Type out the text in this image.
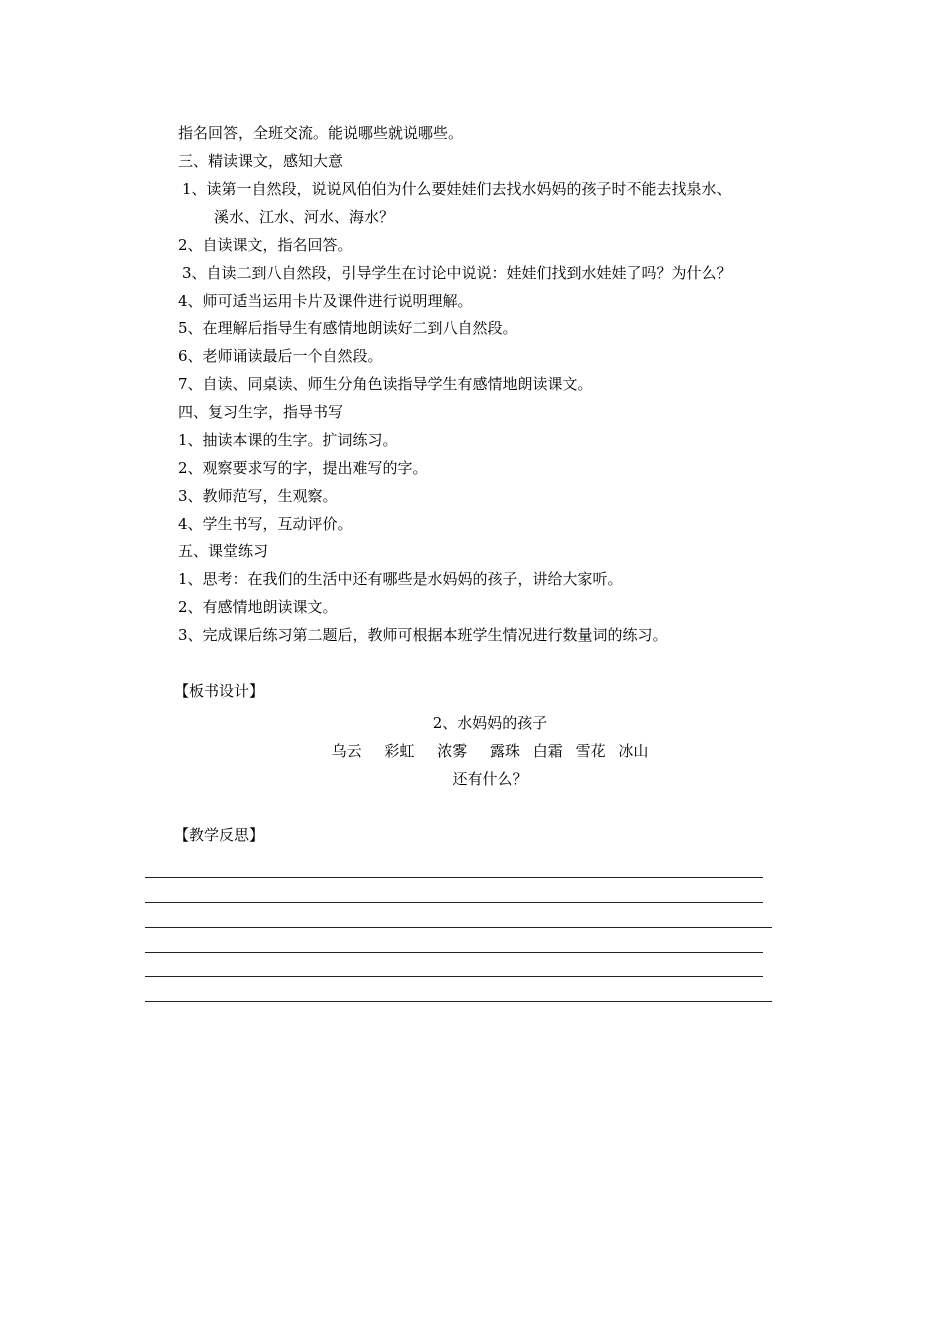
指名回答，全班交流。能说哪些就说哪些。
三、精读课文，感知大意
1、读第一自然段，说说风伯伯为什么要娃娃们去找水妈妈的孩子时不能去找泉水、
溪水、江水、河水、海水？
2、自读课文，指名回答。
3、自读二到八自然段，引导学生在讨论中说说：娃娃们找到水娃娃了吗？为什么？
4、师可适当运用卡片及课件进行说明理解。
5、在理解后指导生有感情地朗读好二到八自然段。
6、老师诵读最后一个自然段。
7、自读、同桌读、师生分角色读指导学生有感情地朗读课文。
四、复习生字，指导书写
1、抽读本课的生字。扩词练习。
2、观察要求写的字，提出难写的字。
3、教师范写，生观察。
4、学生书写，互动评价。
五、课堂练习
1、思考：在我们的生活中还有哪些是水妈妈的孩子，讲给大家听。
2、有感情地朗读课文。
3、完成课后练习第二题后，教师可根据本班学生情况进行数量词的练习。
【板书设计】
2、水妈妈的孩子
乌云 彩虹 浓雾 露珠 白霜 雪花 冰山
还有什么？
【教学反思】
